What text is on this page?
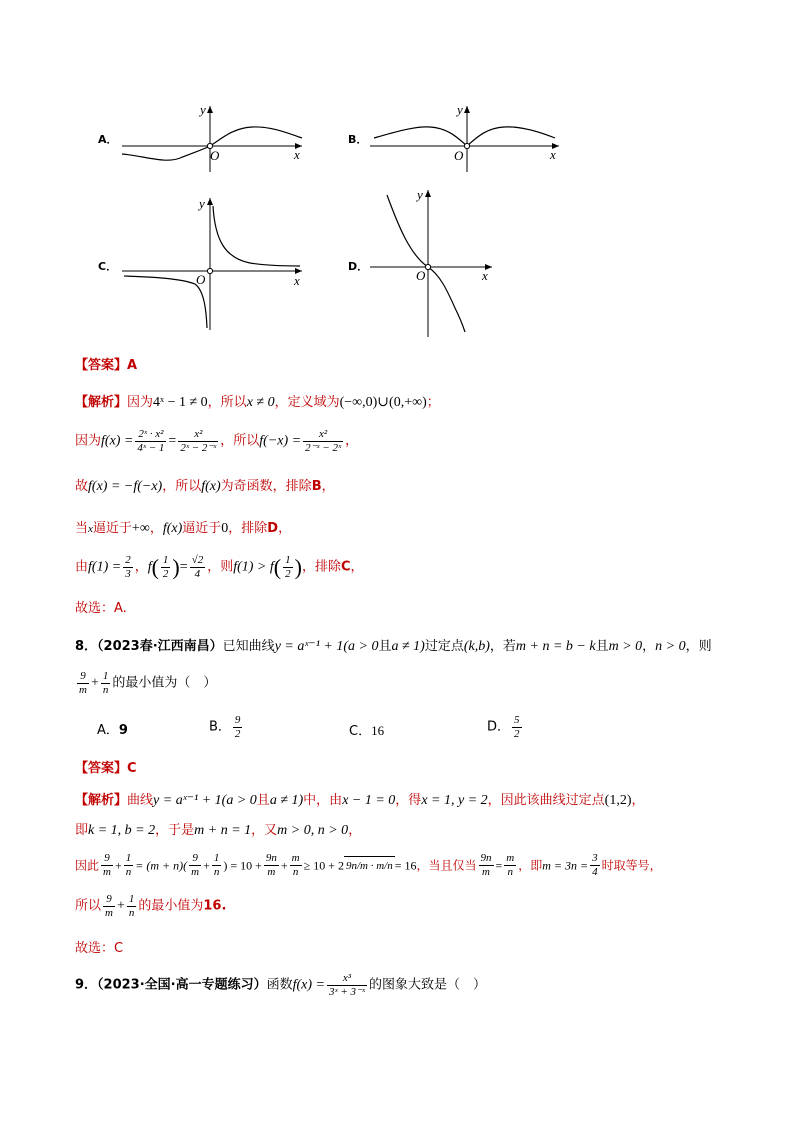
A．
y
O	x
B．
y
O	x
C．
y
O	x
D．
y
O	x
【答案】A
【解析】因为4ˣ − 1 ≠ 0，所以x ≠ 0，定义域为(−∞,0)∪(0,+∞)；
因为$f(x) = \frac{\text{2ˣ · x²}}{\text{4ˣ − 1}} = \frac{\text{x²}}{\text{2ˣ − 2⁻ˣ}}$ ，所以$f(-x) = \frac{\text{x²}}{\text{2⁻ˣ − 2ˣ}}$ ，
故f(x) = −f(−x)，所以f(x)为奇函数，排除B，
当x逼近于+∞，f(x)逼近于0，排除D，
由$f(1) = \frac{2}{3}$ ，$f( \frac{1}{2}$ )= $\frac{√2}{4}$ ，则$f(1) > f( \frac{1}{2}$ )，排除C，
故选：A.
8．（2023春·江西南昌）已知曲线y = aˣ⁻¹ + 1(a > 0且a ≠ 1)过定点(k,b)，若m + n = b − k且m > 0，n > 0，则
$\frac{9}{m} + \frac{1}{n}$ 的最小值为（　）
A．9	B． $\frac{9}{2}$	C．16	D． $\frac{5}{2}$
【答案】C
【解析】曲线y = aˣ⁻¹ + 1(a > 0且a ≠ 1)中，由x − 1 = 0，得x = 1, y = 2，因此该曲线过定点(1,2)，
即k = 1, b = 2，于是m + n = 1，又m > 0, n > 0，
因此 $\frac{9}{m} + \frac{1}{n} = (m + n)( \frac{9}{m} + \frac{1}{n}$ ) = $10 + \frac{9n}{m} + \frac{m}{n} \ge 10 + 2$ 9n/m · m/n = 16，当且仅当 $\frac{9n}{m} = \frac{m}{n}$ ，即$m = 3n = \frac{3}{4}$ 时取等号，
所以 $\frac{9}{m} + \frac{1}{n}$ 的最小值为16.
故选：C
9．（2023·全国·高一专题练习）函数$f(x) = \frac{\text{x³}}{\text{3ˣ + 3⁻ˣ}}$ 的图象大致是（　）
